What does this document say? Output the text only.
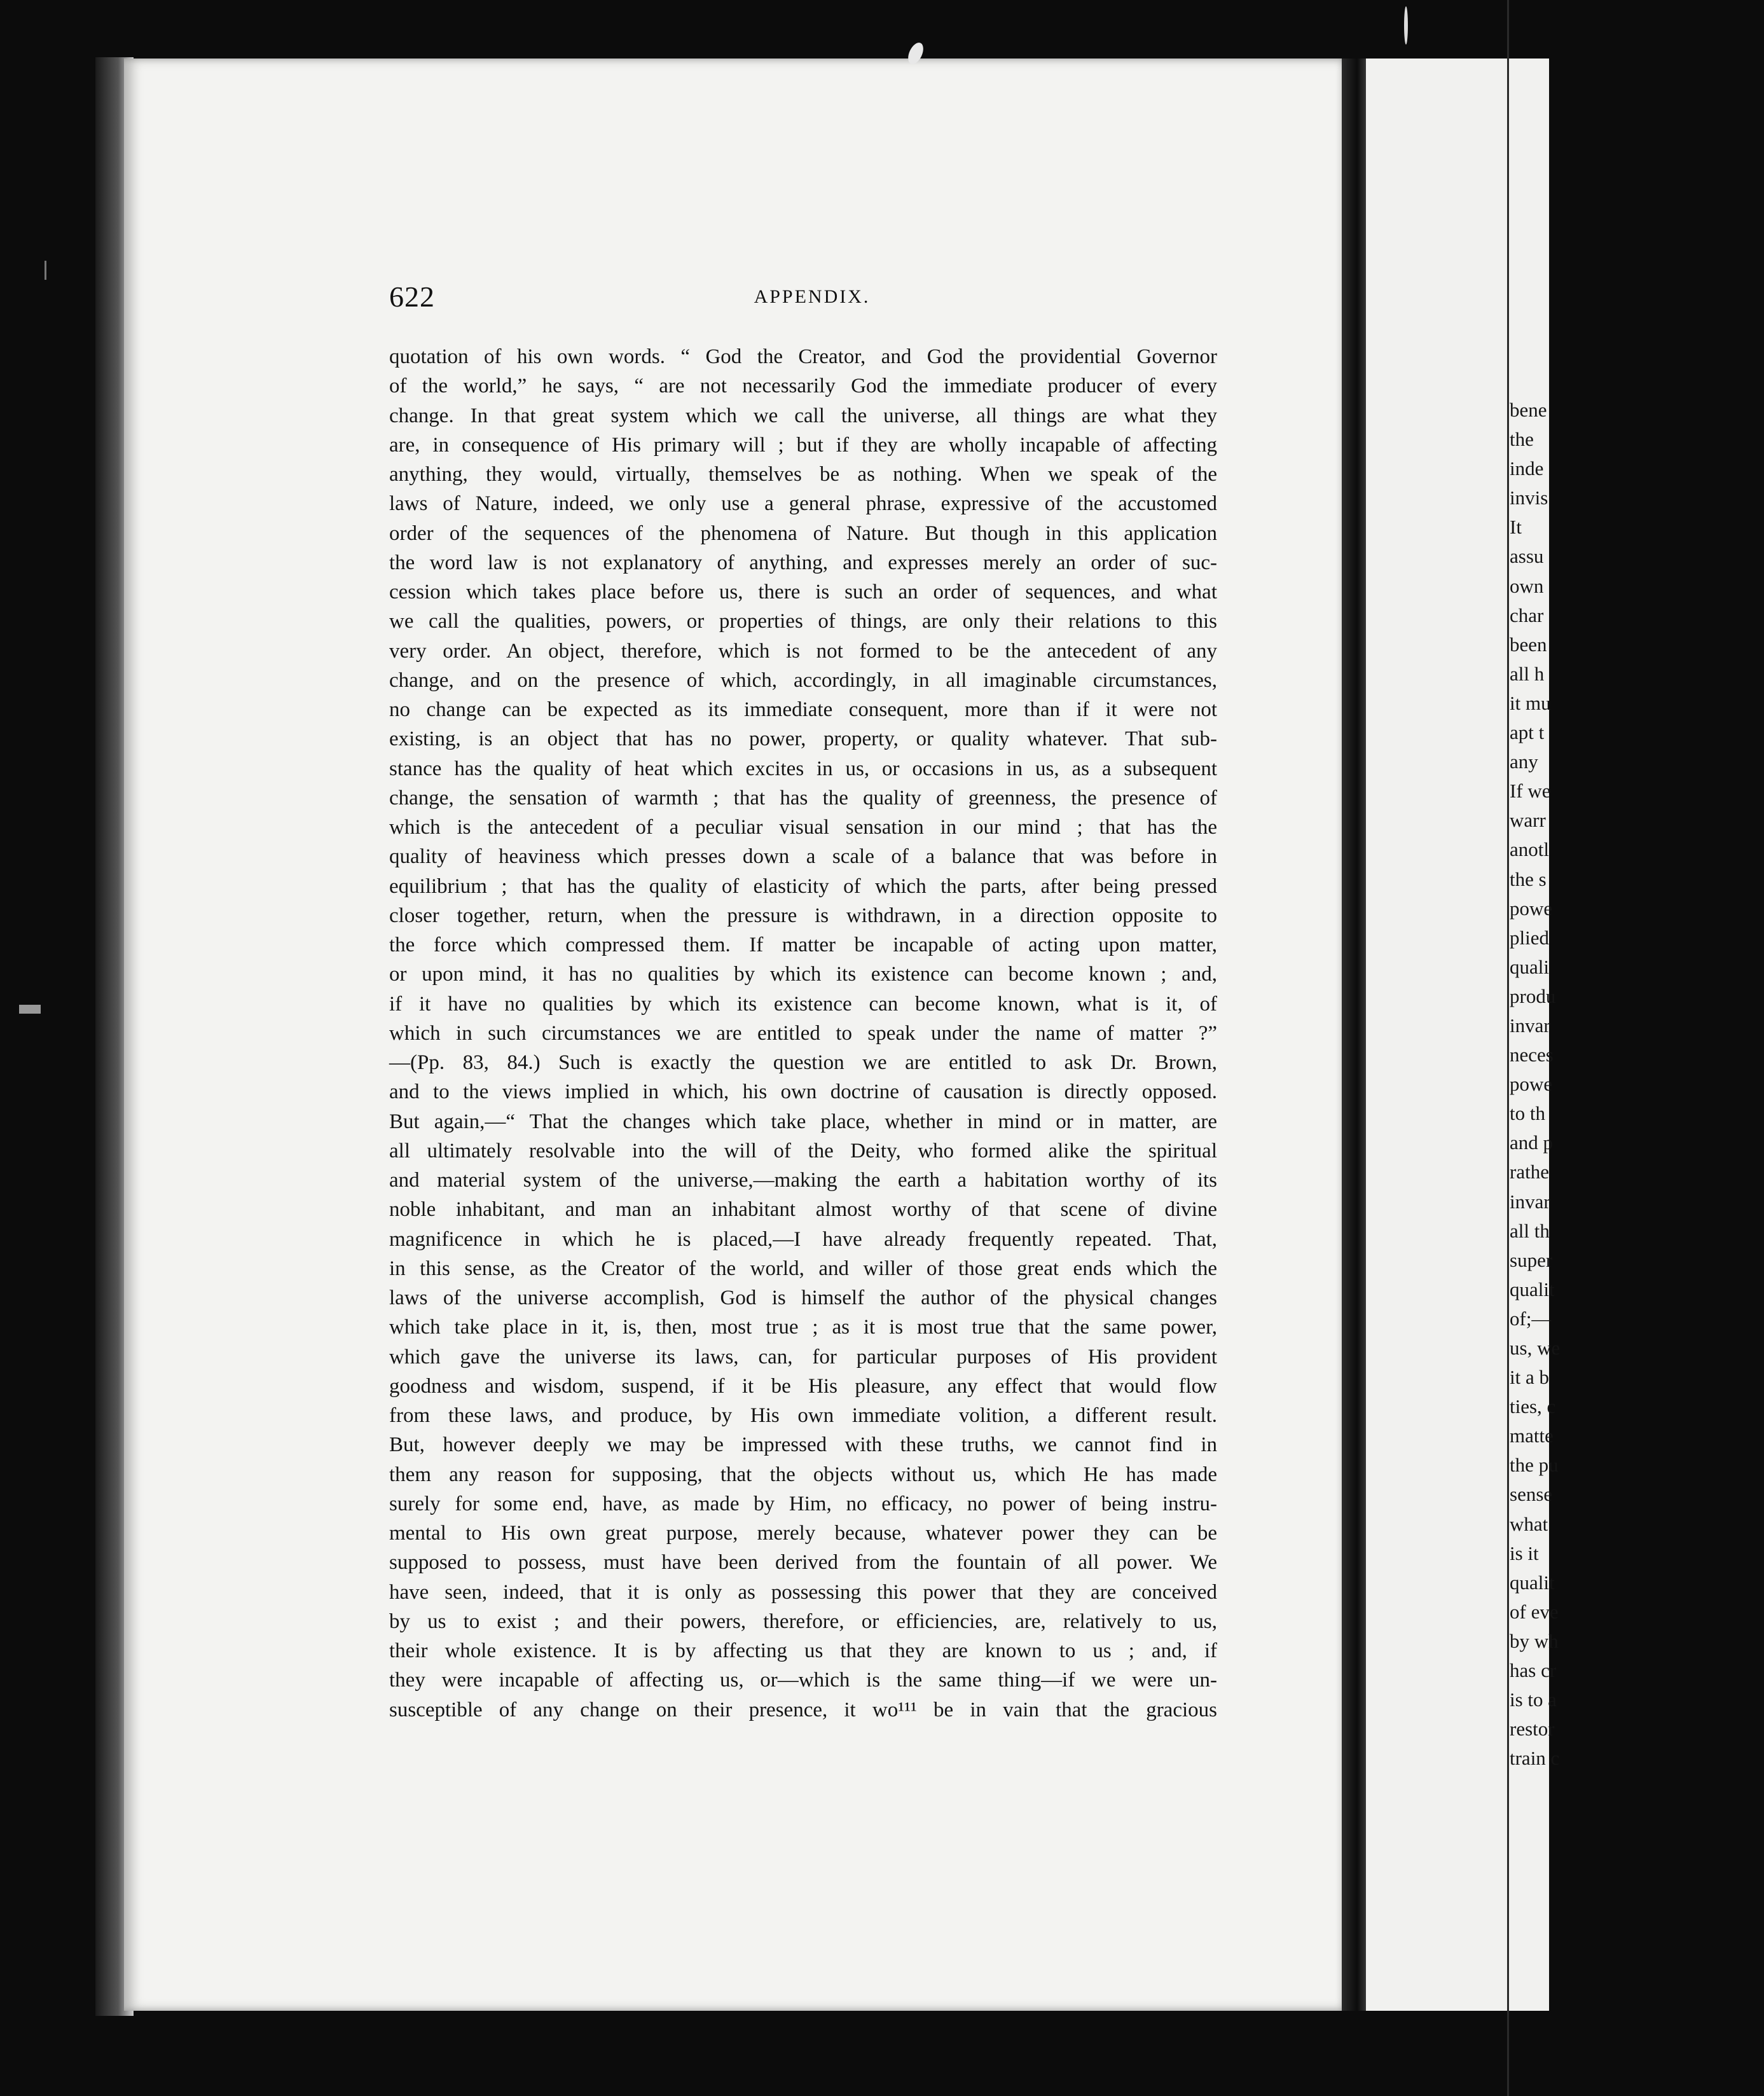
bene
the
inde
invis
It
assu
own
char
been
all h
it mu
apt t
any
If we
warr
anotl
the s
powe
plied
quali
produ
invar
neces
powe
to th
and p
rathe
invar
all th
super
qualit
of;—
us, we
it a b
ties, c
matte
the pu
sense
what
is it
qualit
of eve
by wh
has cr
is to a
restor
train c
622	APPENDIX.
quotation of his own words. “ God the Creator, and God the providential Governor
of the world,” he says, “ are not necessarily God the immediate producer of every
change. In that great system which we call the universe, all things are what they
are, in consequence of His primary will ; but if they are wholly incapable of affecting
anything, they would, virtually, themselves be as nothing. When we speak of the
laws of Nature, indeed, we only use a general phrase, expressive of the accustomed
order of the sequences of the phenomena of Nature. But though in this application
the word law is not explanatory of anything, and expresses merely an order of suc-
cession which takes place before us, there is such an order of sequences, and what
we call the qualities, powers, or properties of things, are only their relations to this
very order. An object, therefore, which is not formed to be the antecedent of any
change, and on the presence of which, accordingly, in all imaginable circumstances,
no change can be expected as its immediate consequent, more than if it were not
existing, is an object that has no power, property, or quality whatever. That sub-
stance has the quality of heat which excites in us, or occasions in us, as a subsequent
change, the sensation of warmth ; that has the quality of greenness, the presence of
which is the antecedent of a peculiar visual sensation in our mind ; that has the
quality of heaviness which presses down a scale of a balance that was before in
equilibrium ; that has the quality of elasticity of which the parts, after being pressed
closer together, return, when the pressure is withdrawn, in a direction opposite to
the force which compressed them. If matter be incapable of acting upon matter,
or upon mind, it has no qualities by which its existence can become known ; and,
if it have no qualities by which its existence can become known, what is it, of
which in such circumstances we are entitled to speak under the name of matter ?”
—(Pp. 83, 84.) Such is exactly the question we are entitled to ask Dr. Brown,
and to the views implied in which, his own doctrine of causation is directly opposed.
But again,—“ That the changes which take place, whether in mind or in matter, are
all ultimately resolvable into the will of the Deity, who formed alike the spiritual
and material system of the universe,—making the earth a habitation worthy of its
noble inhabitant, and man an inhabitant almost worthy of that scene of divine
magnificence in which he is placed,—I have already frequently repeated. That,
in this sense, as the Creator of the world, and willer of those great ends which the
laws of the universe accomplish, God is himself the author of the physical changes
which take place in it, is, then, most true ; as it is most true that the same power,
which gave the universe its laws, can, for particular purposes of His provident
goodness and wisdom, suspend, if it be His pleasure, any effect that would flow
from these laws, and produce, by His own immediate volition, a different result.
But, however deeply we may be impressed with these truths, we cannot find in
them any reason for supposing, that the objects without us, which He has made
surely for some end, have, as made by Him, no efficacy, no power of being instru-
mental to His own great purpose, merely because, whatever power they can be
supposed to possess, must have been derived from the fountain of all power. We
have seen, indeed, that it is only as possessing this power that they are conceived
by us to exist ; and their powers, therefore, or efficiencies, are, relatively to us,
their whole existence. It is by affecting us that they are known to us ; and, if
they were incapable of affecting us, or—which is the same thing—if we were un-
susceptible of any change on their presence, it wo¹¹¹ be in vain that the gracious
